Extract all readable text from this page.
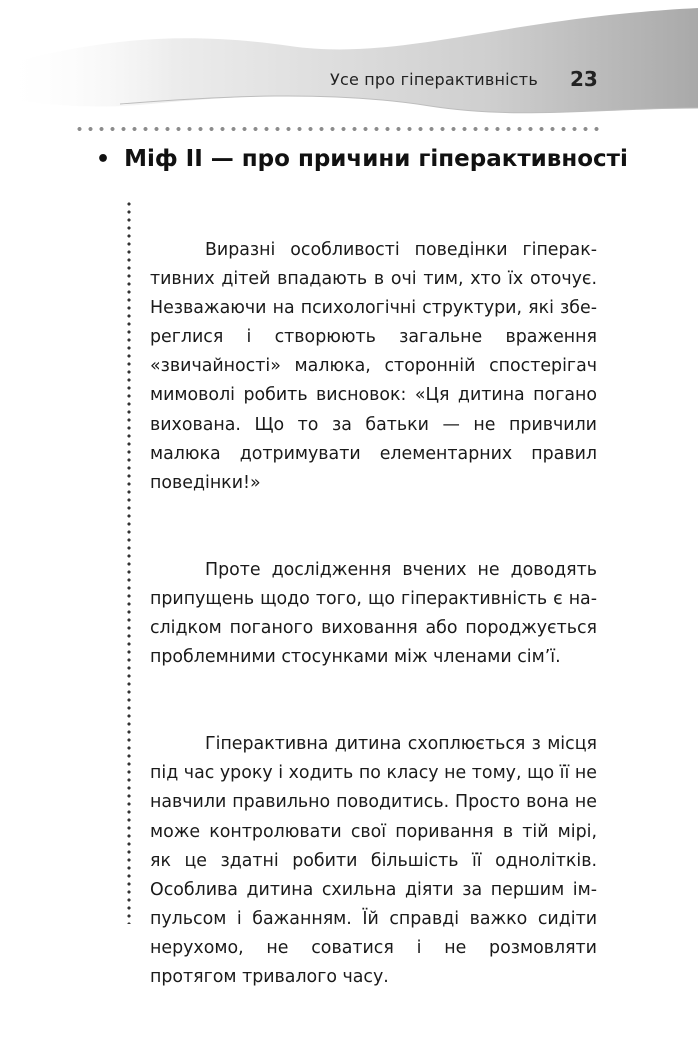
Усе про гіперактивність 23
• Міф ІІ — про причини гіперактивності

Виразні особливості поведінки гіперактивних дітей впадають в очі тим, хто їх оточує. Незважаючи на психологічні структури, які збереглися і створюють загальне враження «звичайності» малюка, сторонній спостерігач мимоволі робить висновок: «Ця дитина погано вихована. Що то за батьки — не привчили малюка дотримувати елементарних правил поведінки!»

Проте дослідження вчених не доводять припущень щодо того, що гіперактивність є наслідком поганого виховання або породжується проблемними стосунками між членами сім’ї.

Гіперактивна дитина схоплюється з місця під час уроку і ходить по класу не тому, що її не навчили правильно поводитись. Просто вона не може контролювати свої поривання в тій мірі, як це здатні робити більшість її однолітків. Особлива дитина схильна діяти за першим імпульсом і бажанням. Їй справді важко сидіти нерухомо, не соватися і не розмовляти протягом тривалого часу.
